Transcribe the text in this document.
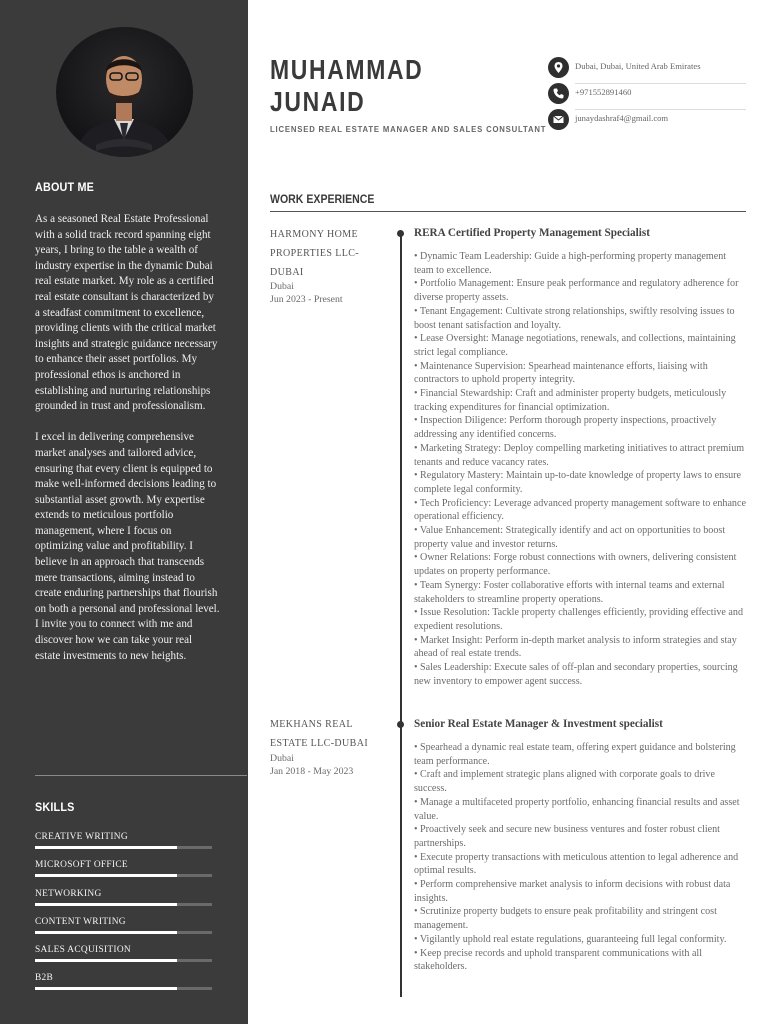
ABOUT ME

As a seasoned Real Estate Professional with a solid track record spanning eight years, I bring to the table a wealth of industry expertise in the dynamic Dubai real estate market. My role as a certified real estate consultant is characterized by a steadfast commitment to excellence, providing clients with the critical market insights and strategic guidance necessary to enhance their asset portfolios. My professional ethos is anchored in establishing and nurturing relationships grounded in trust and professionalism.

I excel in delivering comprehensive market analyses and tailored advice, ensuring that every client is equipped to make well-informed decisions leading to substantial asset growth. My expertise extends to meticulous portfolio management, where I focus on optimizing value and profitability. I believe in an approach that transcends mere transactions, aiming instead to create enduring partnerships that flourish on both a personal and professional level. I invite you to connect with me and discover how we can take your real estate investments to new heights.

SKILLS
CREATIVE WRITING
MICROSOFT OFFICE
NETWORKING
CONTENT WRITING
SALES ACQUISITION
B2B
MUHAMMAD
JUNAID
LICENSED REAL ESTATE MANAGER AND SALES CONSULTANT
Dubai, Dubai, United Arab Emirates
+971552891460
junaydashraf4@gmail.com
WORK EXPERIENCE
HARMONY HOME PROPERTIES LLC-DUBAI
Dubai
Jun 2023 - Present
RERA Certified Property Management Specialist
• Dynamic Team Leadership: Guide a high-performing property management team to excellence.
• Portfolio Management: Ensure peak performance and regulatory adherence for diverse property assets.
• Tenant Engagement: Cultivate strong relationships, swiftly resolving issues to boost tenant satisfaction and loyalty.
• Lease Oversight: Manage negotiations, renewals, and collections, maintaining strict legal compliance.
• Maintenance Supervision: Spearhead maintenance efforts, liaising with contractors to uphold property integrity.
• Financial Stewardship: Craft and administer property budgets, meticulously tracking expenditures for financial optimization.
• Inspection Diligence: Perform thorough property inspections, proactively addressing any identified concerns.
• Marketing Strategy: Deploy compelling marketing initiatives to attract premium tenants and reduce vacancy rates.
• Regulatory Mastery: Maintain up-to-date knowledge of property laws to ensure complete legal conformity.
• Tech Proficiency: Leverage advanced property management software to enhance operational efficiency.
• Value Enhancement: Strategically identify and act on opportunities to boost property value and investor returns.
• Owner Relations: Forge robust connections with owners, delivering consistent updates on property performance.
• Team Synergy: Foster collaborative efforts with internal teams and external stakeholders to streamline property operations.
• Issue Resolution: Tackle property challenges efficiently, providing effective and expedient resolutions.
• Market Insight: Perform in-depth market analysis to inform strategies and stay ahead of real estate trends.
• Sales Leadership: Execute sales of off-plan and secondary properties, sourcing new inventory to empower agent success.
MEKHANS REAL ESTATE LLC-DUBAI
Dubai
Jan 2018 - May 2023
Senior Real Estate Manager & Investment specialist
• Spearhead a dynamic real estate team, offering expert guidance and bolstering team performance.
• Craft and implement strategic plans aligned with corporate goals to drive success.
• Manage a multifaceted property portfolio, enhancing financial results and asset value.
• Proactively seek and secure new business ventures and foster robust client partnerships.
• Execute property transactions with meticulous attention to legal adherence and optimal results.
• Perform comprehensive market analysis to inform decisions with robust data insights.
• Scrutinize property budgets to ensure peak profitability and stringent cost management.
• Vigilantly uphold real estate regulations, guaranteeing full legal conformity.
• Keep precise records and uphold transparent communications with all stakeholders.
